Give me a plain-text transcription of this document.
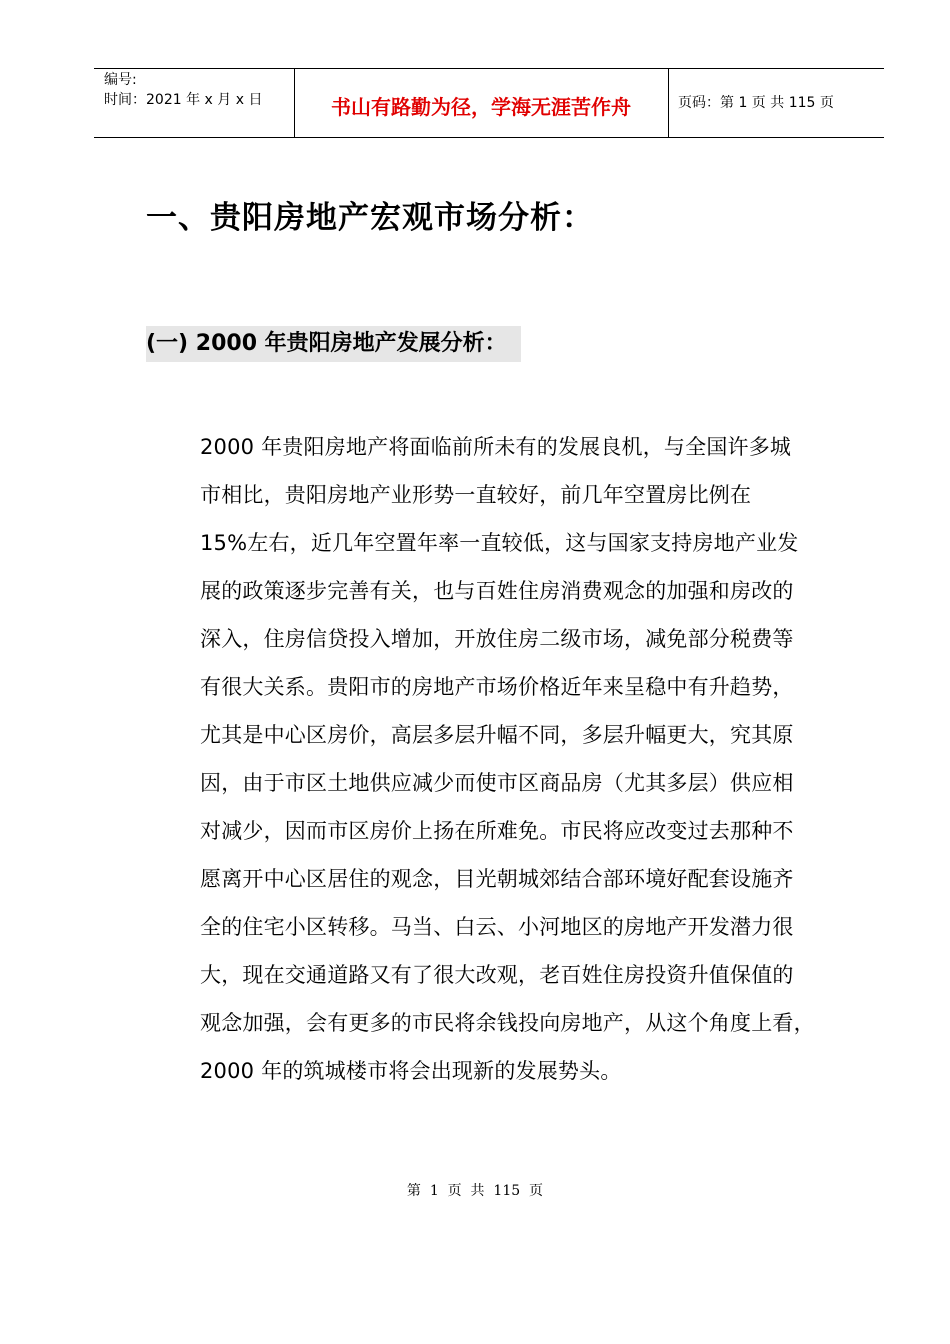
编号:
时间：2021 年 x 月 x 日	书山有路勤为径，学海无涯苦作舟	页码：第 1 页 共 115 页
一、贵阳房地产宏观市场分析：
(一) 2000 年贵阳房地产发展分析：
2000 年贵阳房地产将面临前所未有的发展良机，与全国许多城
市相比，贵阳房地产业形势一直较好，前几年空置房比例在
15%左右，近几年空置年率一直较低，这与国家支持房地产业发
展的政策逐步完善有关，也与百姓住房消费观念的加强和房改的
深入，住房信贷投入增加，开放住房二级市场，减免部分税费等
有很大关系。贵阳市的房地产市场价格近年来呈稳中有升趋势，
尤其是中心区房价，高层多层升幅不同，多层升幅更大，究其原
因，由于市区土地供应减少而使市区商品房（尤其多层）供应相
对减少，因而市区房价上扬在所难免。市民将应改变过去那种不
愿离开中心区居住的观念，目光朝城郊结合部环境好配套设施齐
全的住宅小区转移。马当、白云、小河地区的房地产开发潜力很
大，现在交通道路又有了很大改观，老百姓住房投资升值保值的
观念加强，会有更多的市民将余钱投向房地产，从这个角度上看，
2000 年的筑城楼市将会出现新的发展势头。
第  1  页  共  115  页
